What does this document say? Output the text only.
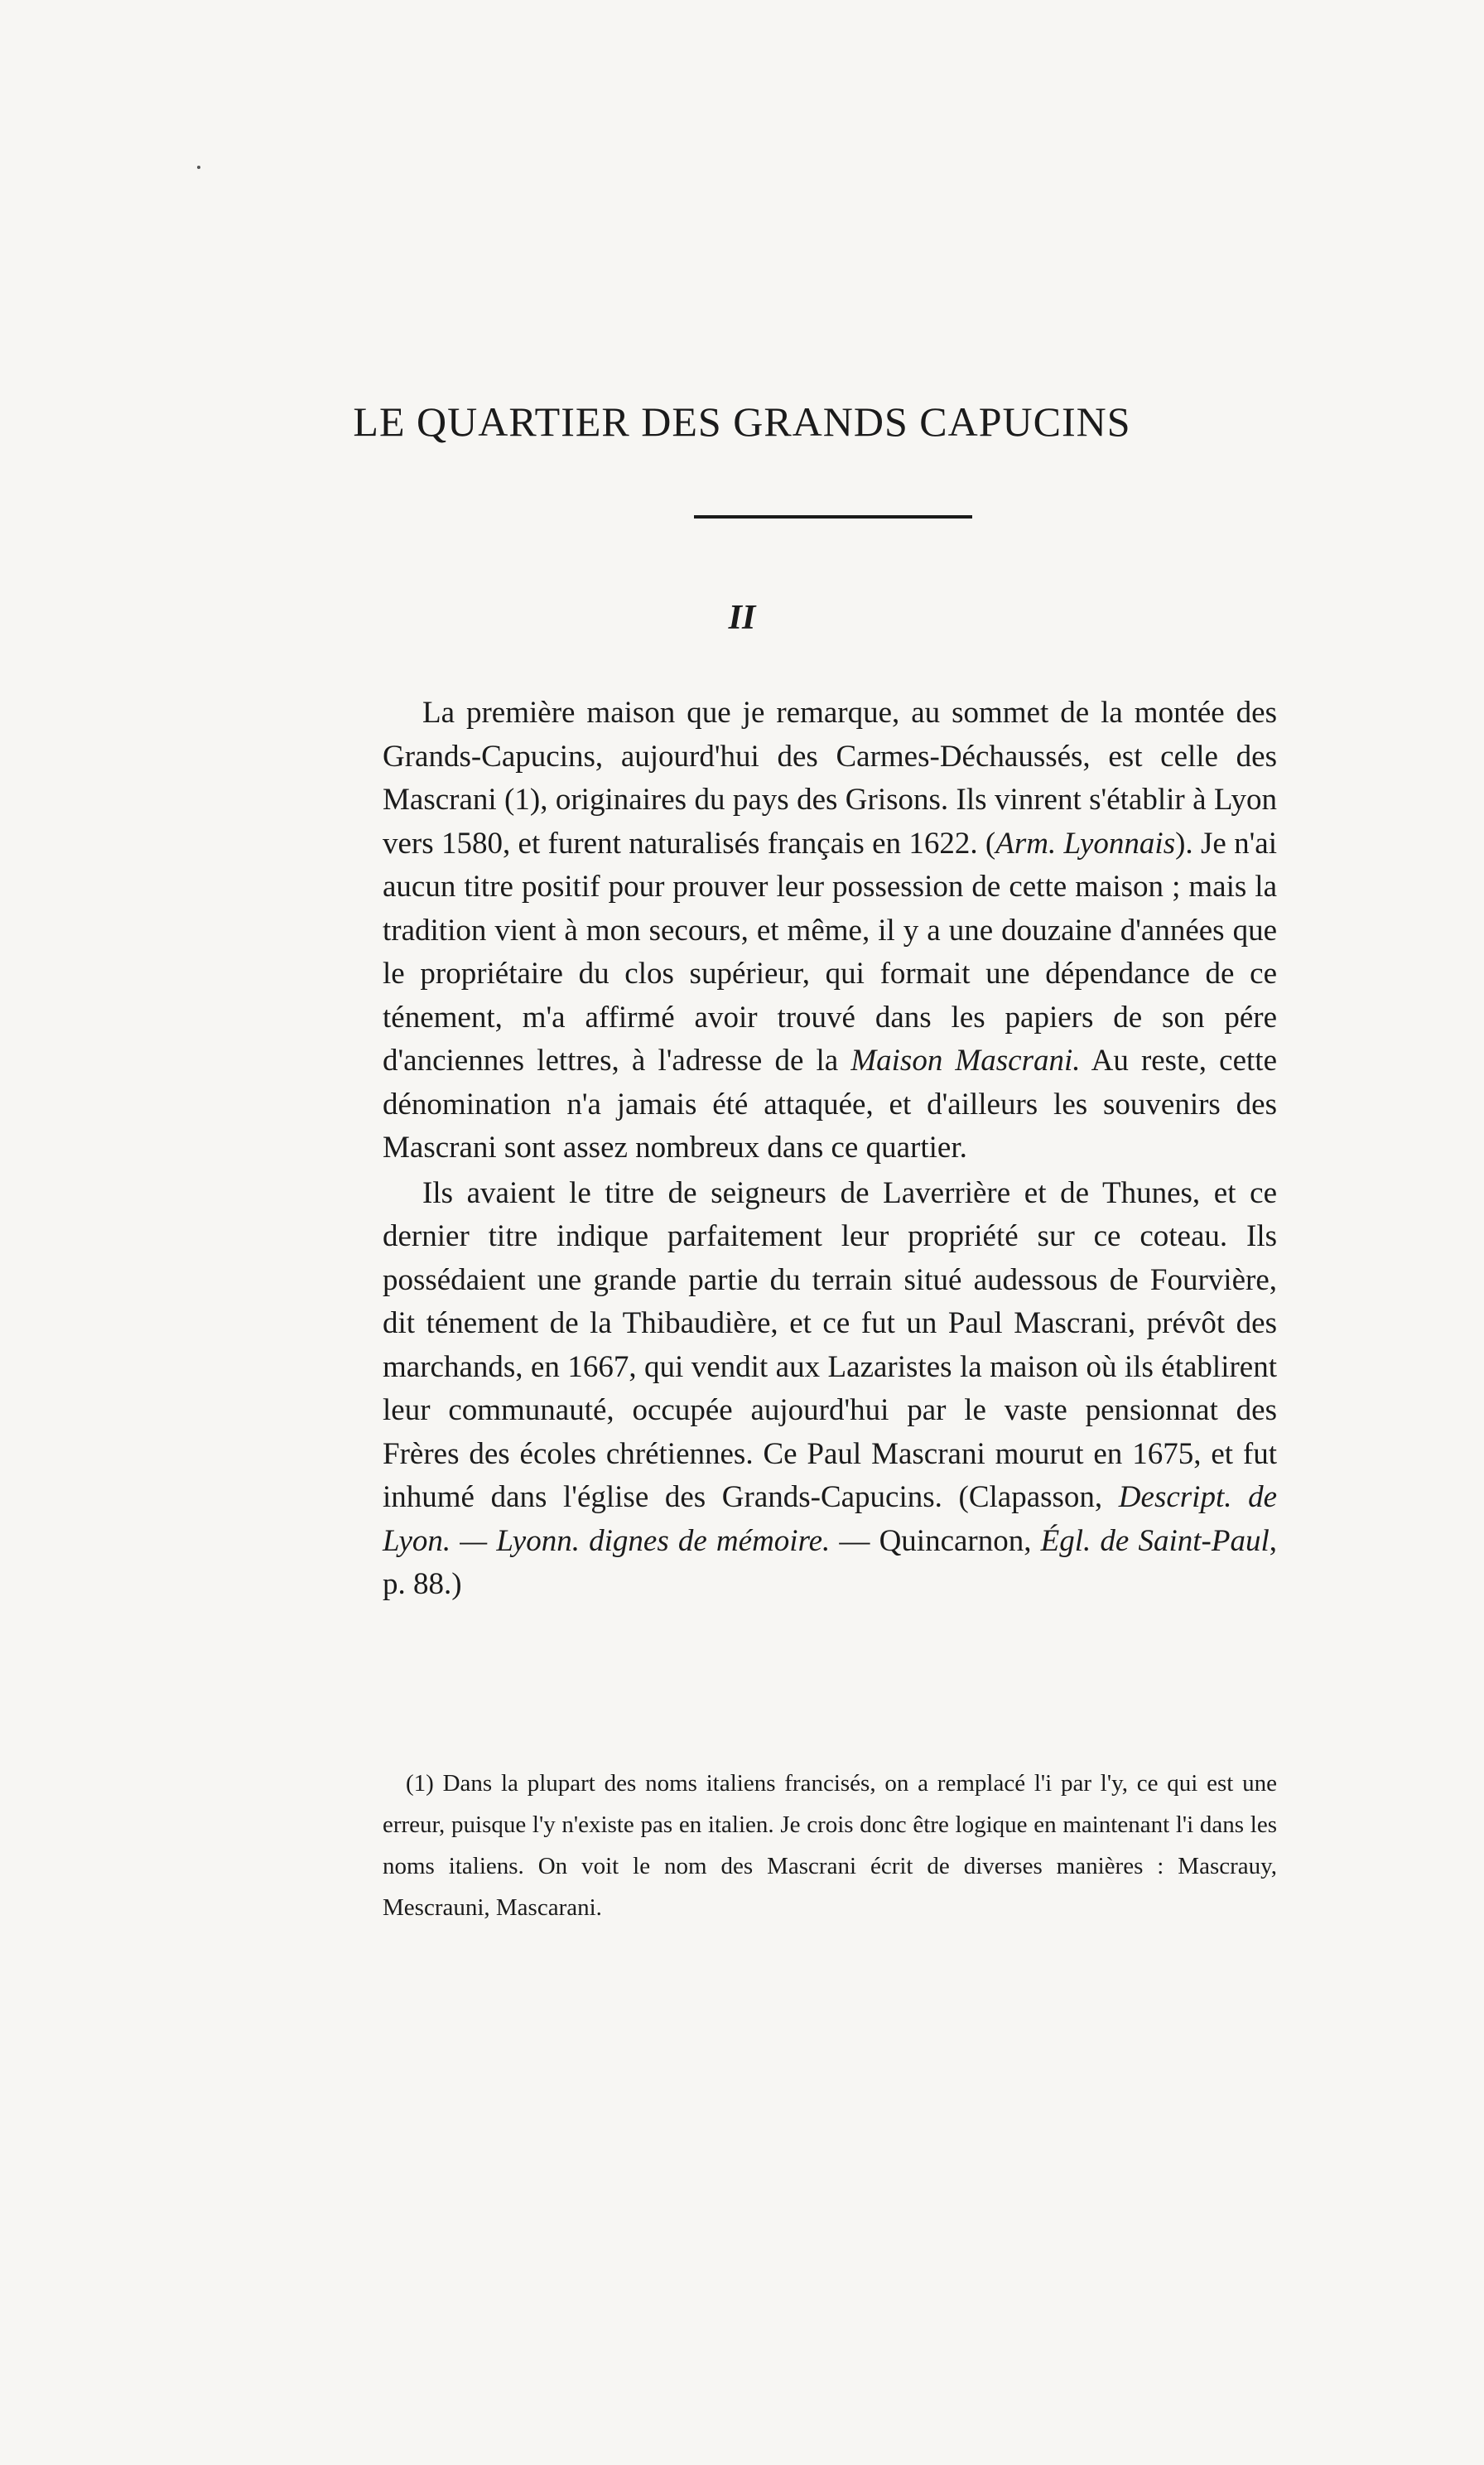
LE QUARTIER DES GRANDS CAPUCINS
II

La première maison que je remarque, au sommet de la montée des Grands-Capucins, aujourd'hui des Carmes-Déchaussés, est celle des Mascrani (1), originaires du pays des Grisons. Ils vinrent s'établir à Lyon vers 1580, et furent naturalisés français en 1622. (Arm. Lyonnais). Je n'ai aucun titre positif pour prouver leur possession de cette maison ; mais la tradition vient à mon secours, et même, il y a une douzaine d'années que le propriétaire du clos supérieur, qui formait une dépendance de ce ténement, m'a affirmé avoir trouvé dans les papiers de son pére d'anciennes lettres, à l'adresse de la Maison Mascrani. Au reste, cette dénomination n'a jamais été attaquée, et d'ailleurs les souvenirs des Mascrani sont assez nombreux dans ce quartier.

Ils avaient le titre de seigneurs de Laverrière et de Thunes, et ce dernier titre indique parfaitement leur propriété sur ce coteau. Ils possédaient une grande partie du terrain situé audessous de Fourvière, dit ténement de la Thibaudière, et ce fut un Paul Mascrani, prévôt des marchands, en 1667, qui vendit aux Lazaristes la maison où ils établirent leur communauté, occupée aujourd'hui par le vaste pensionnat des Frères des écoles chrétiennes. Ce Paul Mascrani mourut en 1675, et fut inhumé dans l'église des Grands-Capucins. (Clapasson, Descript. de Lyon. — Lyonn. dignes de mémoire. — Quincarnon, Égl. de Saint-Paul, p. 88.)

(1) Dans la plupart des noms italiens francisés, on a remplacé l'i par l'y, ce qui est une erreur, puisque l'y n'existe pas en italien. Je crois donc être logique en maintenant l'i dans les noms italiens. On voit le nom des Mascrani écrit de diverses manières : Mascrauy, Mescrauni, Mascarani.
